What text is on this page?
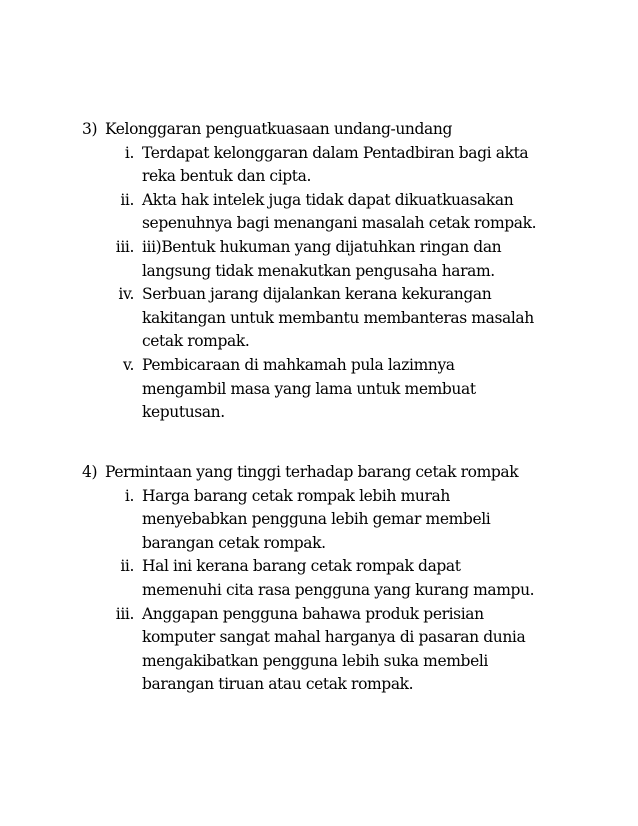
3) Kelonggaran penguatkuasaan undang-undang
i. Terdapat kelonggaran dalam Pentadbiran bagi akta
reka bentuk dan cipta.
ii. Akta hak intelek juga tidak dapat dikuatkuasakan
sepenuhnya bagi menangani masalah cetak rompak.
iii. iii)Bentuk hukuman yang dijatuhkan ringan dan
langsung tidak menakutkan pengusaha haram.
iv. Serbuan jarang dijalankan kerana kekurangan
kakitangan untuk membantu membanteras masalah
cetak rompak.
v. Pembicaraan di mahkamah pula lazimnya
mengambil masa yang lama untuk membuat
keputusan.
4) Permintaan yang tinggi terhadap barang cetak rompak
i. Harga barang cetak rompak lebih murah
menyebabkan pengguna lebih gemar membeli
barangan cetak rompak.
ii. Hal ini kerana barang cetak rompak dapat
memenuhi cita rasa pengguna yang kurang mampu.
iii. Anggapan pengguna bahawa produk perisian
komputer sangat mahal harganya di pasaran dunia
mengakibatkan pengguna lebih suka membeli
barangan tiruan atau cetak rompak.
